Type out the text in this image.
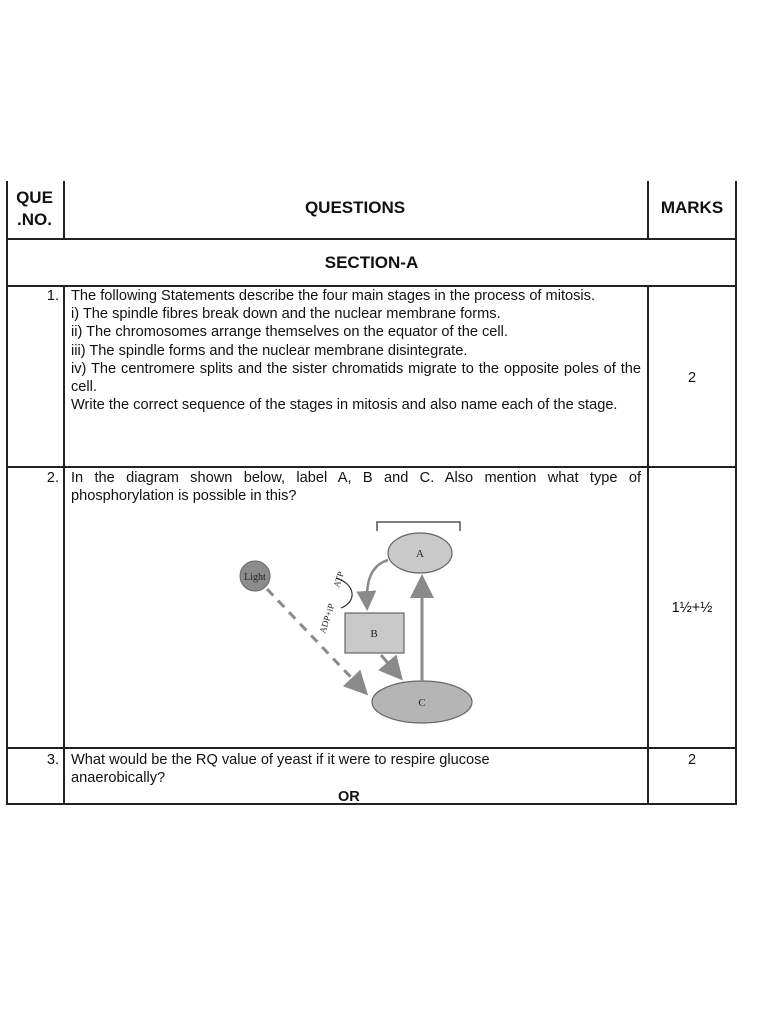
QUE
.NO.
QUESTIONS	MARKS
SECTION-A
1. The following Statements describe the four main stages in the process of mitosis.

i) The spindle fibres break down and the nuclear membrane forms.

ii) The chromosomes arrange themselves on the equator of the cell.

iii) The spindle forms and the nuclear membrane disintegrate.

iv) The centromere splits and the sister chromatids migrate to the opposite poles of the cell.

Write the correct sequence of the stages in mitosis and also name each of the stage.

2
2. In the diagram shown below, label A, B and C. Also mention what type of phosphorylation is possible in this?
1½+½
Light
A
B
C
ADP+iP
ATP
3. What would be the RQ value of yeast if it were to respire glucose anaerobically?
2
OR
